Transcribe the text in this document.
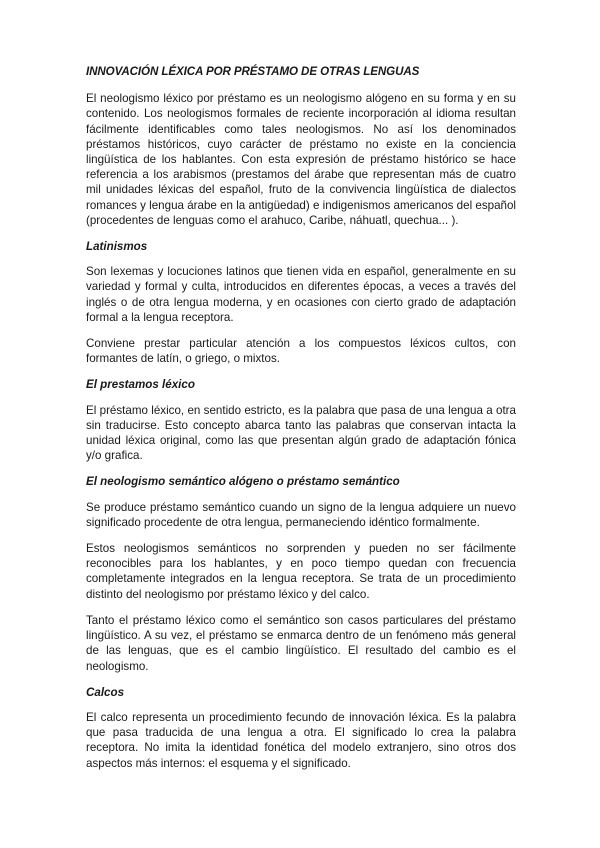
INNOVACIÓN LÉXICA POR PRÉSTAMO DE OTRAS LENGUAS

El neologismo léxico por préstamo es un neologismo alógeno en su forma y en su contenido. Los neologismos formales de reciente incorporación al idioma resultan fácilmente identificables como tales neologismos. No así los denominados préstamos históricos, cuyo carácter de préstamo no existe en la conciencia lingüística de los hablantes. Con esta expresión de préstamo histórico se hace referencia a los arabismos (prestamos del árabe que representan más de cuatro mil unidades léxicas del español, fruto de la convivencia lingüística de dialectos romances y lengua árabe en la antigüedad) e indigenismos americanos del español (procedentes de lenguas como el arahuco, Caribe, náhuatl, quechua... ).

Latinismos

Son lexemas y locuciones latinos que tienen vida en español, generalmente en su variedad y formal y culta, introducidos en diferentes épocas, a veces a través del inglés o de otra lengua moderna, y en ocasiones con cierto grado de adaptación formal a la lengua receptora.

Conviene prestar particular atención a los compuestos léxicos cultos, con formantes de latín, o griego, o mixtos.

El prestamos léxico

El préstamo léxico, en sentido estricto, es la palabra que pasa de una lengua a otra sin traducirse. Esto concepto abarca tanto las palabras que conservan intacta la unidad léxica original, como las que presentan algún grado de adaptación fónica y/o grafica.

El neologismo semántico alógeno o préstamo semántico

Se produce préstamo semántico cuando un signo de la lengua adquiere un nuevo significado procedente de otra lengua, permaneciendo idéntico formalmente.

Estos neologismos semánticos no sorprenden y pueden no ser fácilmente reconocibles para los hablantes, y en poco tiempo quedan con frecuencia completamente integrados en la lengua receptora. Se trata de un procedimiento distinto del neologismo por préstamo léxico y del calco.

Tanto el préstamo léxico como el semántico son casos particulares del préstamo lingüístico. A su vez, el préstamo se enmarca dentro de un fenómeno más general de las lenguas, que es el cambio lingüístico. El resultado del cambio es el neologismo.

Calcos

El calco representa un procedimiento fecundo de innovación léxica. Es la palabra que pasa traducida de una lengua a otra. El significado lo crea la palabra receptora. No imita la identidad fonética del modelo extranjero, sino otros dos aspectos más internos: el esquema y el significado.
